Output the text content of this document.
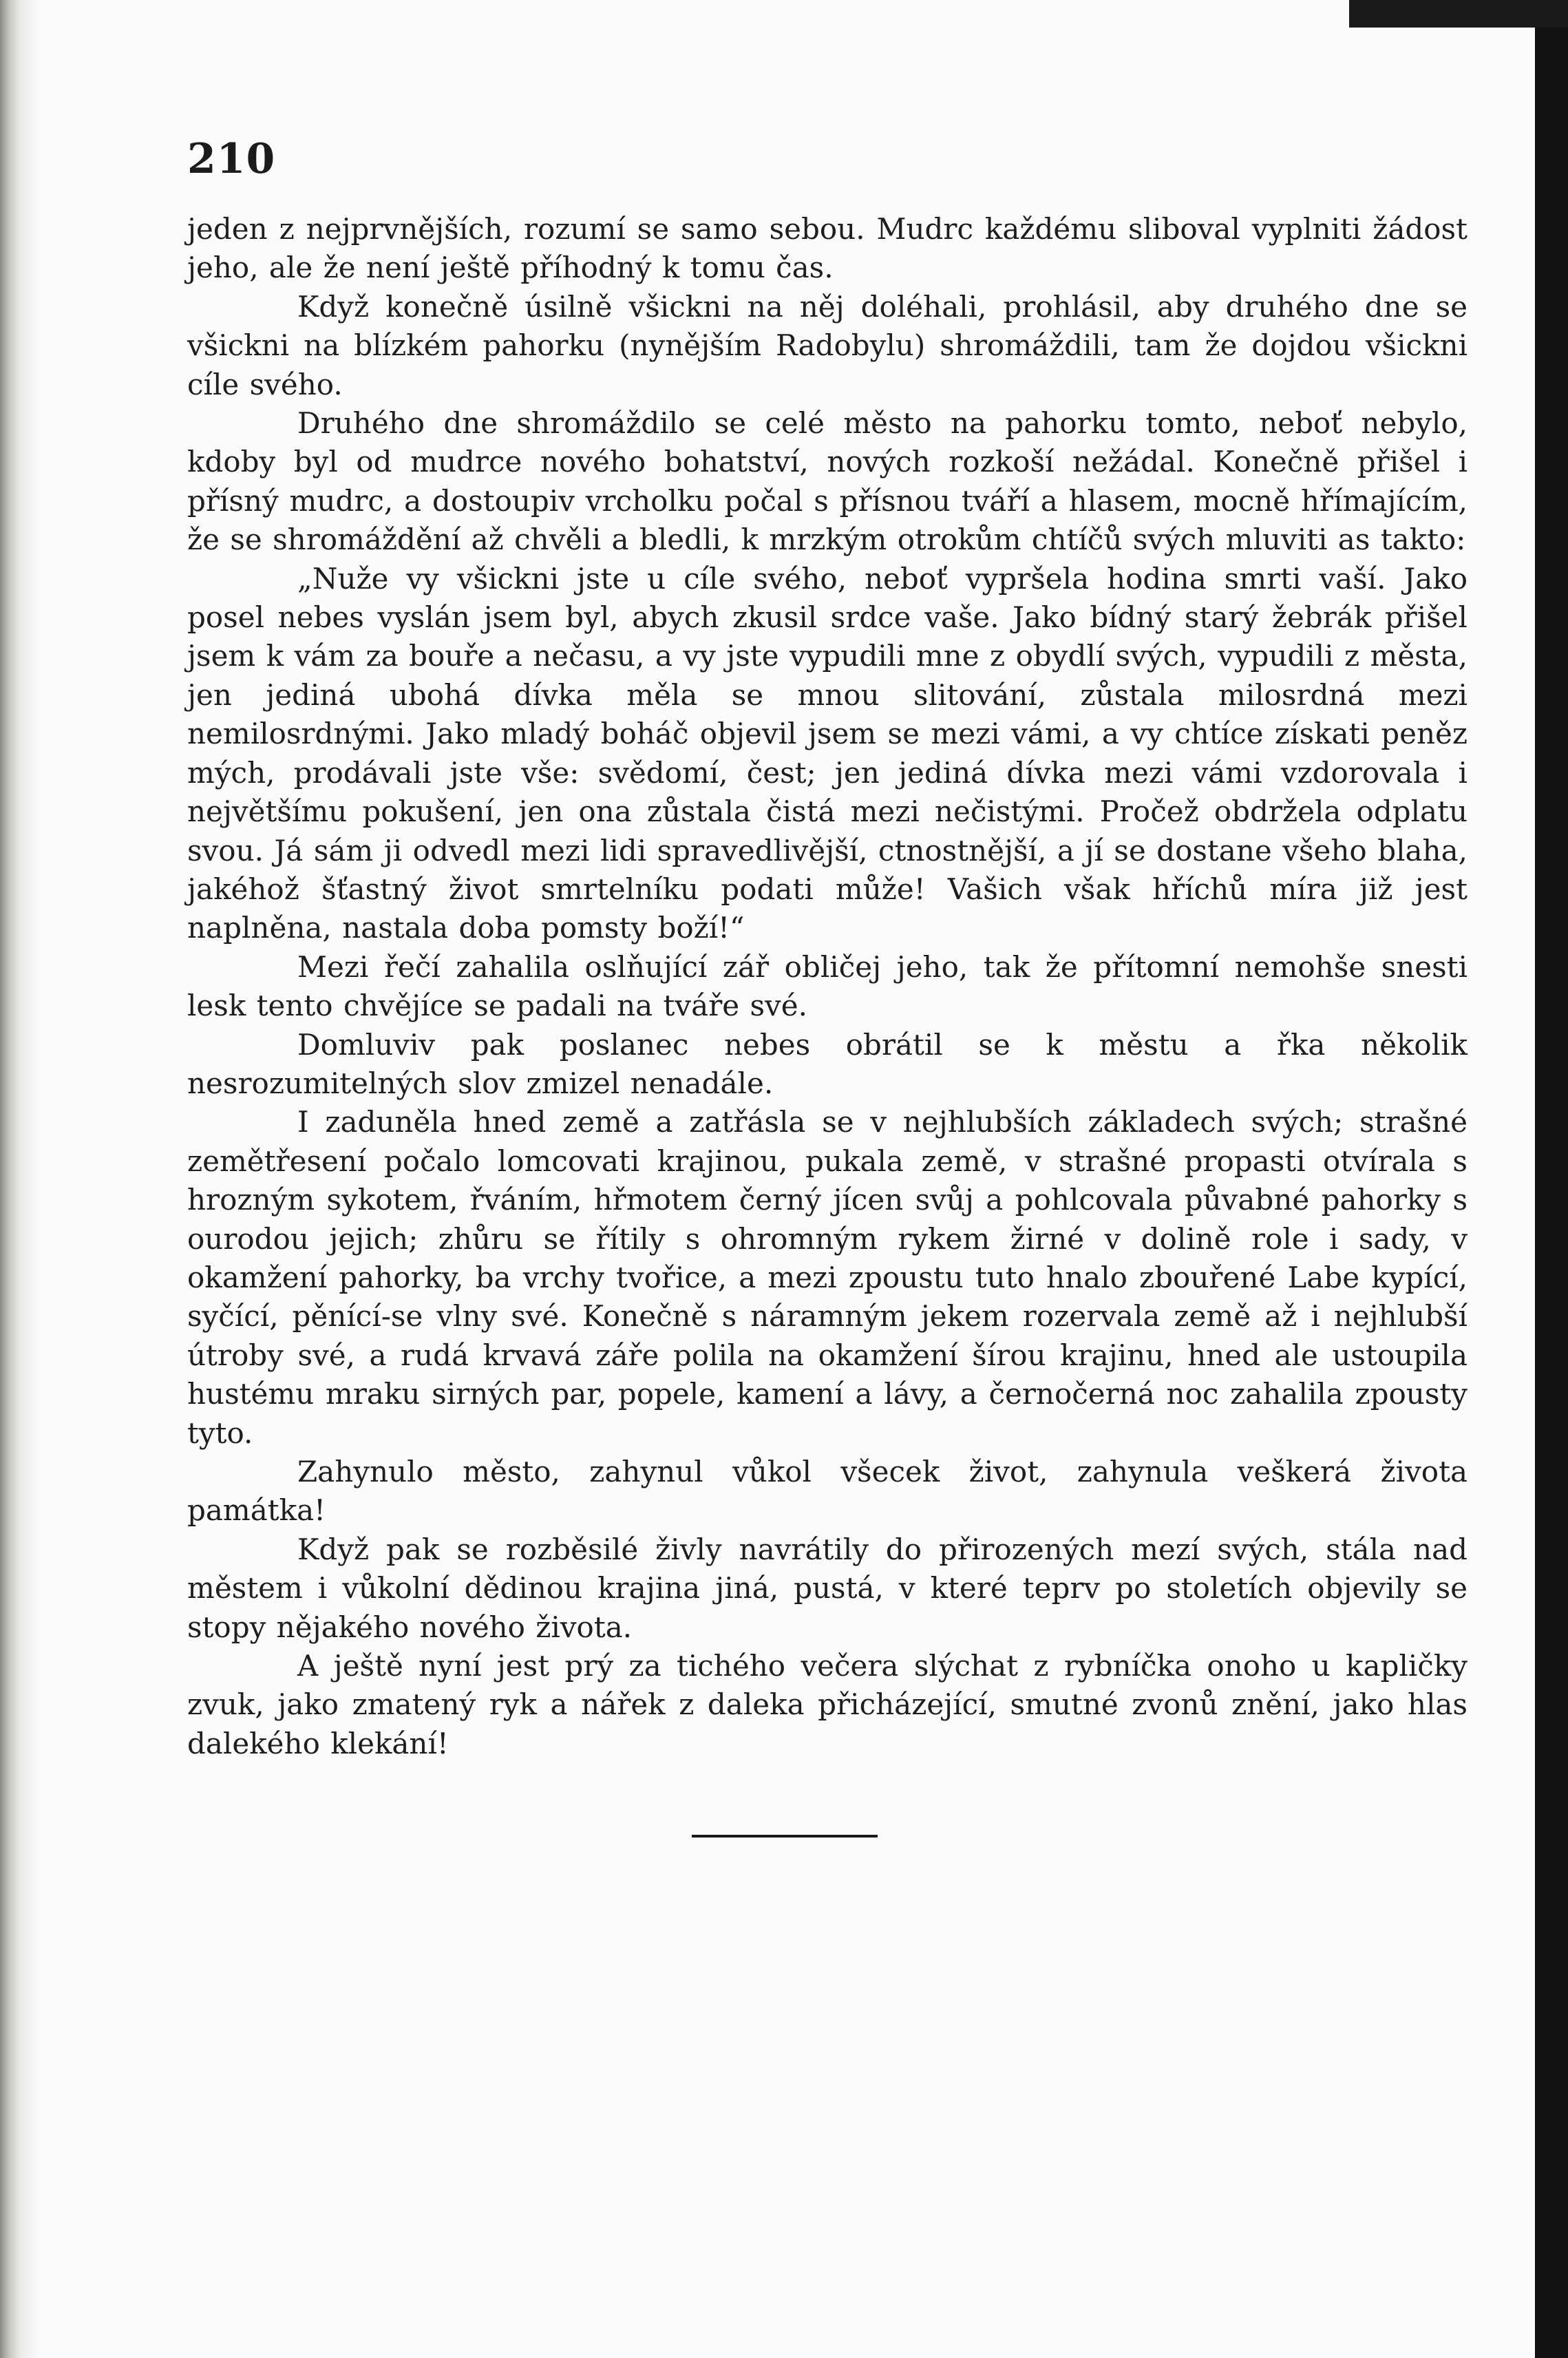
210

jeden z nejprvnějších, rozumí se samo sebou. Mudrc každému sliboval vyplniti žádost jeho, ale že není ještě příhodný k tomu čas.

Když konečně úsilně všickni na něj doléhali, prohlásil, aby druhého dne se všickni na blízkém pahorku (nynějším Radobylu) shromáždili, tam že dojdou všickni cíle svého.

Druhého dne shromáždilo se celé město na pahorku tomto, neboť nebylo, kdoby byl od mudrce nového bohatství, nových rozkoší nežádal. Konečně přišel i přísný mudrc, a dostoupiv vrcholku počal s přísnou tváří a hlasem, mocně hřímajícím, že se shromáždění až chvěli a bledli, k mrzkým otrokům chtíčů svých mluviti as takto:

„Nuže vy všickni jste u cíle svého, neboť vypršela hodina smrti vaší. Jako posel nebes vyslán jsem byl, abych zkusil srdce vaše. Jako bídný starý žebrák přišel jsem k vám za bouře a nečasu, a vy jste vypudili mne z obydlí svých, vypudili z města, jen jediná ubohá dívka měla se mnou slitování, zůstala milosrdná mezi nemilosrdnými. Jako mladý boháč objevil jsem se mezi vámi, a vy chtíce získati peněz mých, prodávali jste vše: svědomí, čest; jen jediná dívka mezi vámi vzdorovala i největšímu pokušení, jen ona zůstala čistá mezi nečistými. Pročež obdržela odplatu svou. Já sám ji odvedl mezi lidi spravedlivější, ctnostnější, a jí se dostane všeho blaha, jakéhož šťastný život smrtelníku podati může! Vašich však hříchů míra již jest naplněna, nastala doba pomsty boží!“

Mezi řečí zahalila oslňující zář obličej jeho, tak že přítomní nemohše snesti lesk tento chvějíce se padali na tváře své.

Domluviv pak poslanec nebes obrátil se k městu a řka několik nesrozumitelných slov zmizel nenadále.

I zaduněla hned země a zatřásla se v nejhlubších základech svých; strašné zemětřesení počalo lomcovati krajinou, pukala země, v strašné propasti otvírala s hrozným sykotem, řváním, hřmotem černý jícen svůj a pohlcovala půvabné pahorky s ourodou jejich; zhůru se řítily s ohromným rykem žirné v dolině role i sady, v okamžení pahorky, ba vrchy tvořice, a mezi zpoustu tuto hnalo zbouřené Labe kypící, syčící, pěnící-se vlny své. Konečně s náramným jekem rozervala země až i nejhlubší útroby své, a rudá krvavá záře polila na okamžení šírou krajinu, hned ale ustoupila hustému mraku sirných par, popele, kamení a lávy, a černočerná noc zahalila zpousty tyto.

Zahynulo město, zahynul vůkol všecek život, zahynula veškerá života památka!

Když pak se rozběsilé živly navrátily do přirozených mezí svých, stála nad městem i vůkolní dědinou krajina jiná, pustá, v které teprv po stoletích objevily se stopy nějakého nového života.

A ještě nyní jest prý za tichého večera slýchat z rybníčka onoho u kapličky zvuk, jako zmatený ryk a nářek z daleka přicházející, smutné zvonů znění, jako hlas dalekého klekání!
